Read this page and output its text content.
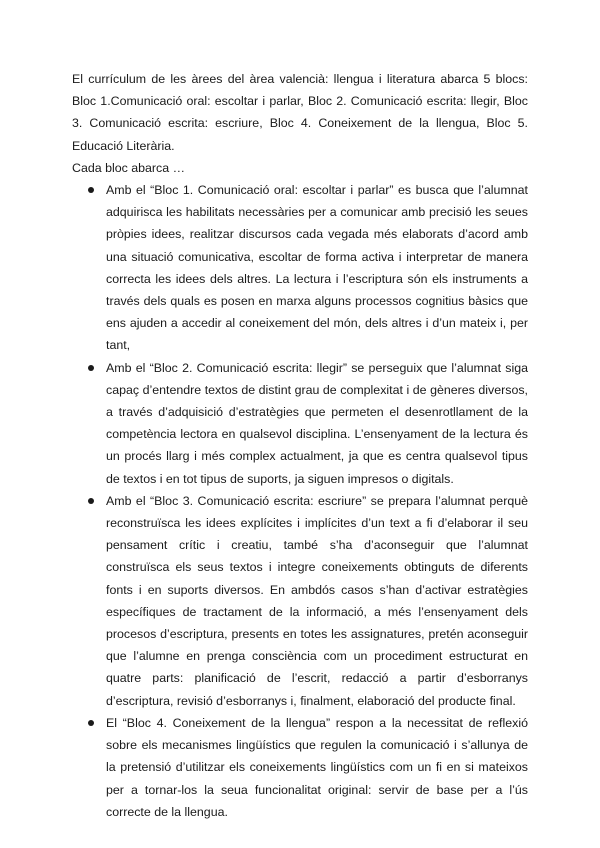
El currículum de les àrees del àrea valencià: llengua i literatura abarca 5 blocs: Bloc 1.Comunicació oral: escoltar i parlar, Bloc 2. Comunicació escrita: llegir, Bloc 3. Comunicació escrita: escriure, Bloc 4. Coneixement de la llengua, Bloc 5. Educació Literària.

Cada bloc abarca …

Amb el “Bloc 1. Comunicació oral: escoltar i parlar” es busca que l’alumnat adquirisca les habilitats necessàries per a comunicar amb precisió les seues pròpies idees, realitzar discursos cada vegada més elaborats d’acord amb una situació comunicativa, escoltar de forma activa i interpretar de manera correcta les idees dels altres. La lectura i l’escriptura són els instruments a través dels quals es posen en marxa alguns processos cognitius bàsics que ens ajuden a accedir al coneixement del món, dels altres i d’un mateix i, per tant,
Amb el “Bloc 2. Comunicació escrita: llegir” se perseguix que l’alumnat siga capaç d’entendre textos de distint grau de complexitat i de gèneres diversos, a través d’adquisició d’estratègies que permeten el desenrotllament de la competència lectora en qualsevol disciplina. L’ensenyament de la lectura és un procés llarg i més complex actualment, ja que es centra qualsevol tipus de textos i en tot tipus de suports, ja siguen impresos o digitals.
Amb el “Bloc 3. Comunicació escrita: escriure” se prepara l’alumnat perquè reconstruïsca les idees explícites i implícites d’un text a fi d’elaborar il seu pensament crític i creatiu, també s’ha d’aconseguir que l’alumnat construïsca els seus textos i integre coneixements obtinguts de diferents fonts i en suports diversos. En ambdós casos s’han d’activar estratègies específiques de tractament de la informació, a més l’ensenyament dels procesos d’escriptura, presents en totes les assignatures, pretén aconseguir que l’alumne en prenga consciència com un procediment estructurat en quatre parts: planificació de l’escrit, redacció a partir d’esborranys d’escriptura, revisió d’esborranys i, finalment, elaboració del producte final.
El “Bloc 4. Coneixement de la llengua” respon a la necessitat de reflexió sobre els mecanismes lingüístics que regulen la comunicació i s’allunya de la pretensió d’utilitzar els coneixements lingüístics com un fi en si mateixos per a tornar-los la seua funcionalitat original: servir de base per a l’ús correcte de la llengua.
